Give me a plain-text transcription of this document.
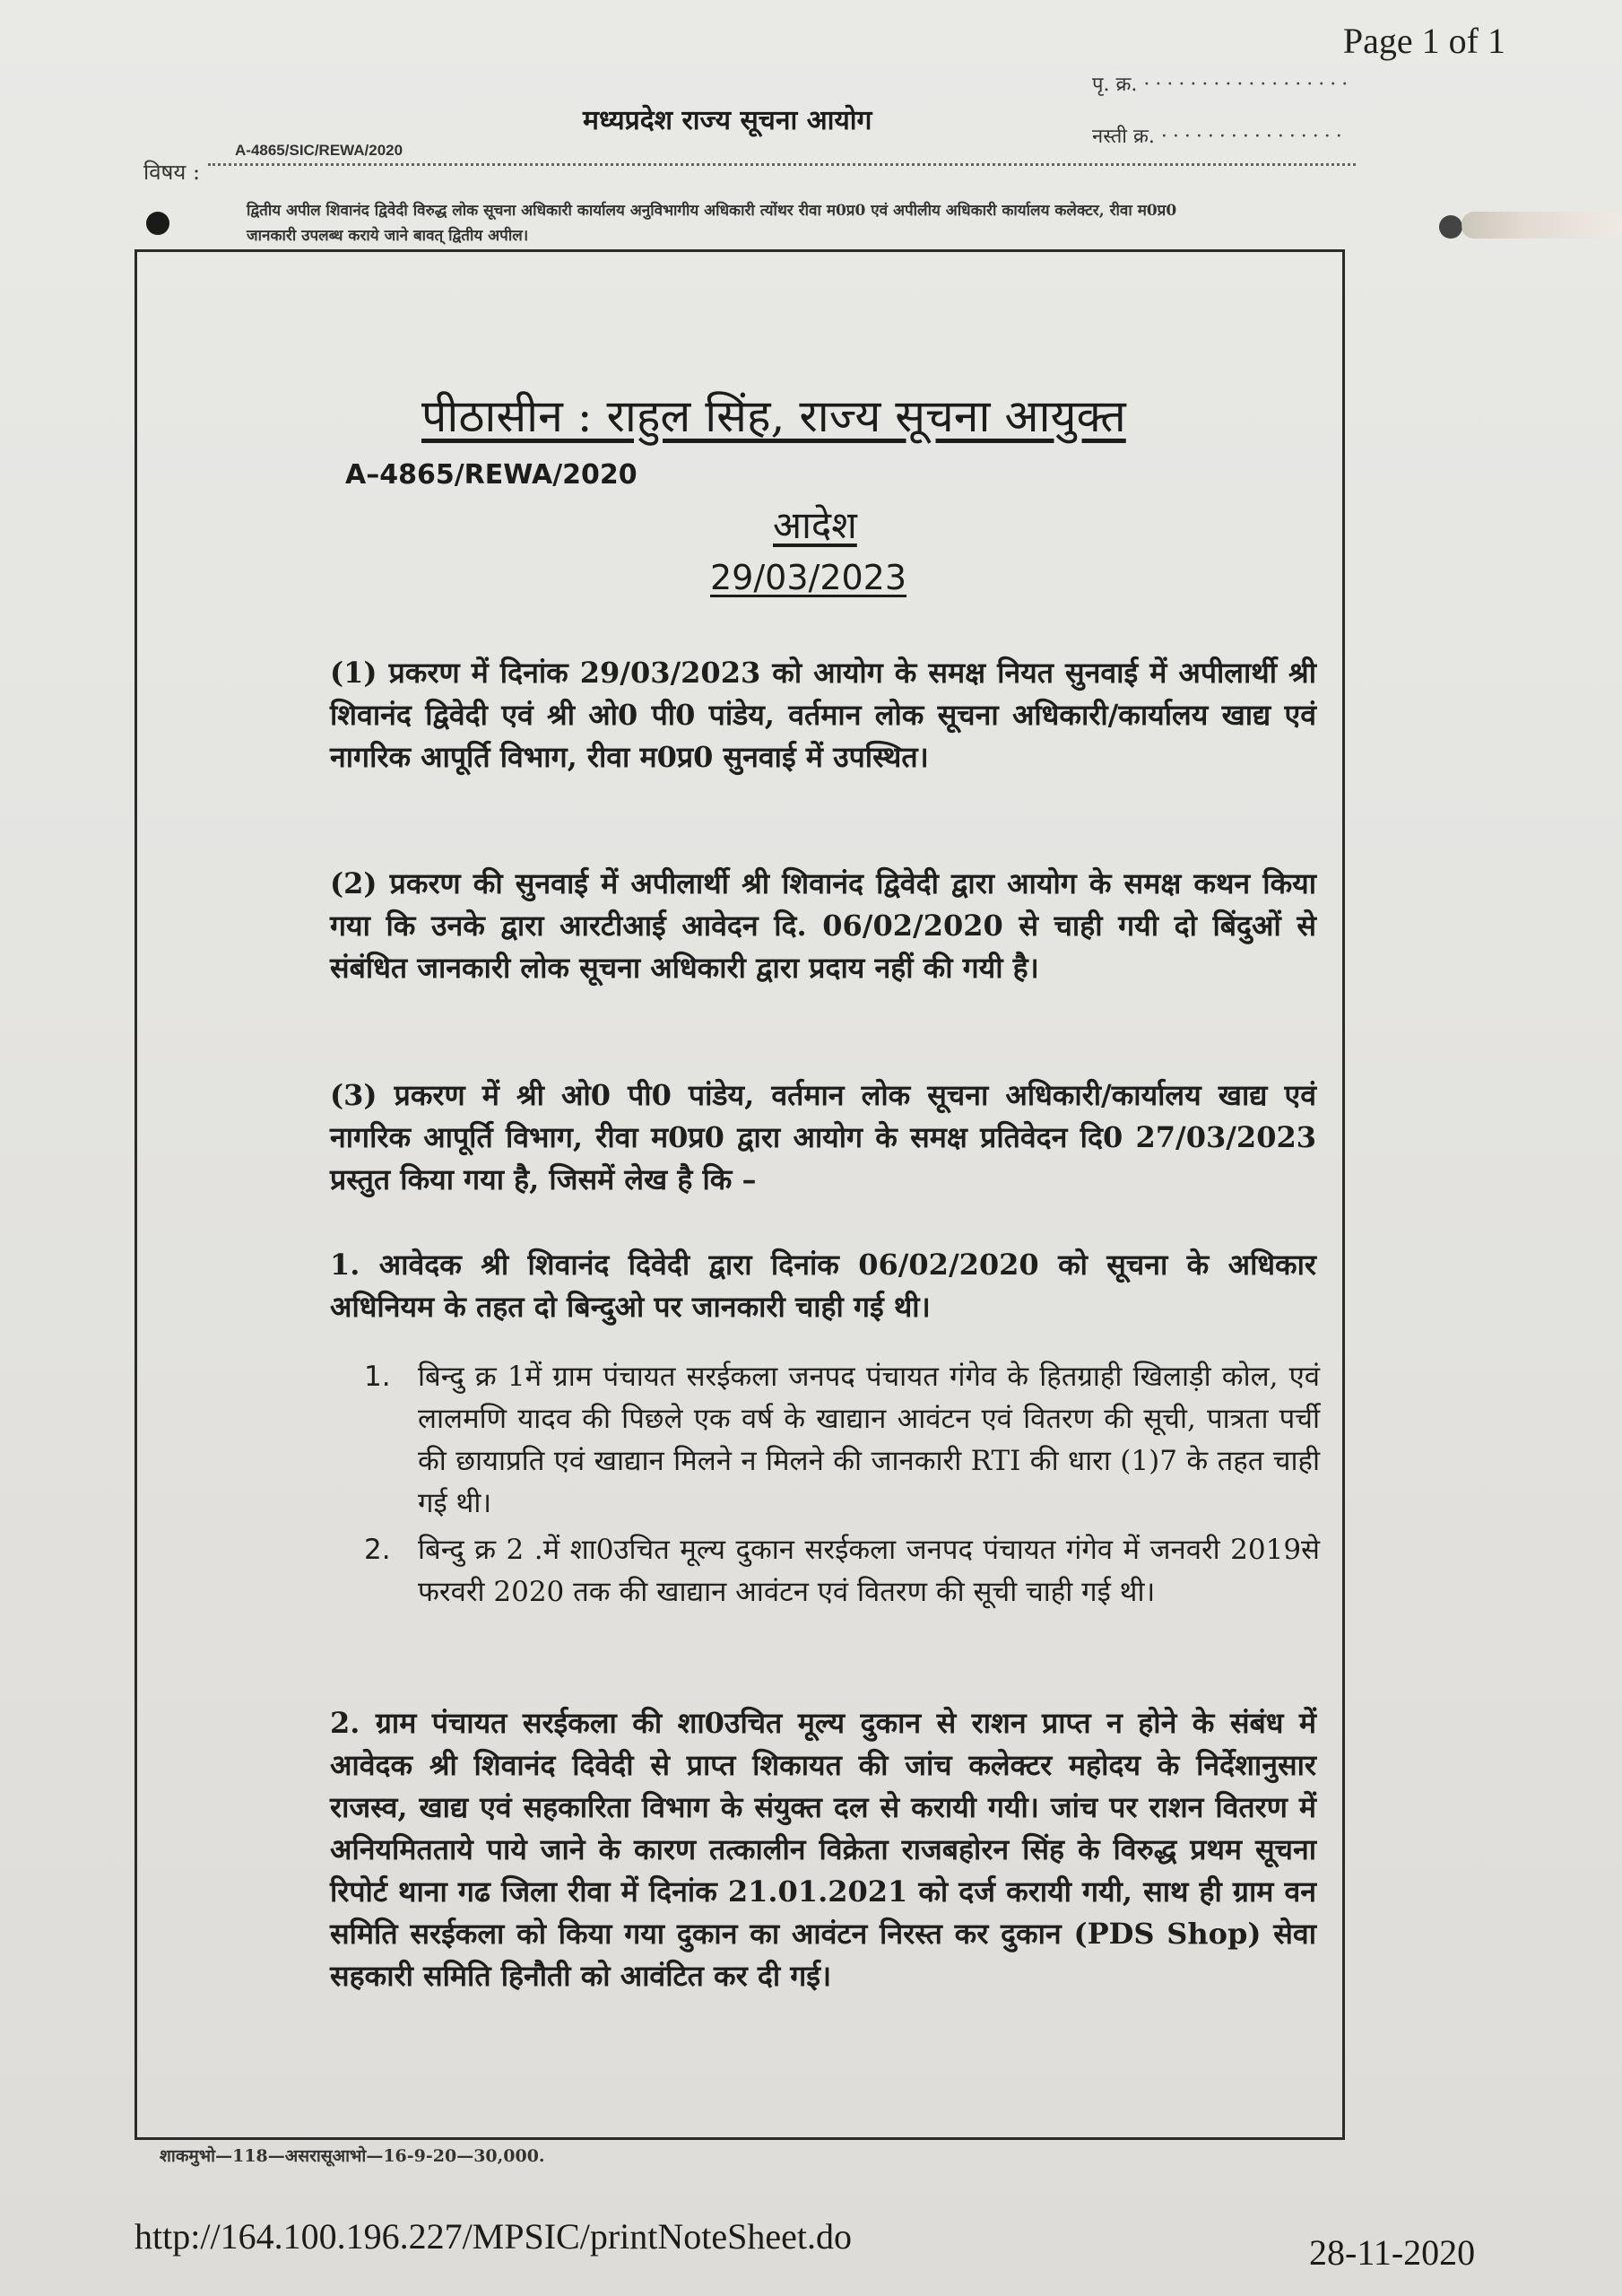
Page 1 of 1
मध्यप्रदेश राज्य सूचना आयोग
पृ. क्र. ··················
नस्ती क्र. ················
A-4865/SIC/REWA/2020
विषय :
द्वितीय अपील शिवानंद द्विवेदी विरुद्ध लोक सूचना अधिकारी कार्यालय अनुविभागीय अधिकारी त्योंथर रीवा म0प्र0 एवं अपीलीय अधिकारी कार्यालय कलेक्टर, रीवा म0प्र0
जानकारी उपलब्ध कराये जाने बावत् द्वितीय अपील।
पीठासीन : राहुल सिंह, राज्य सूचना आयुक्त
A–4865/REWA/2020
आदेश
29/03/2023
(1) प्रकरण में दिनांक 29/03/2023 को आयोग के समक्ष नियत सुनवाई में अपीलार्थी श्री शिवानंद द्विवेदी एवं श्री ओ0 पी0 पांडेय, वर्तमान लोक सूचना अधिकारी/कार्यालय खाद्य एवं नागरिक आपूर्ति विभाग, रीवा म0प्र0 सुनवाई में उपस्थित।
(2) प्रकरण की सुनवाई में अपीलार्थी श्री शिवानंद द्विवेदी द्वारा आयोग के समक्ष कथन किया गया कि उनके द्वारा आरटीआई आवेदन दि. 06/02/2020 से चाही गयी दो बिंदुओं से संबंधित जानकारी लोक सूचना अधिकारी द्वारा प्रदाय नहीं की गयी है।
(3) प्रकरण में श्री ओ0 पी0 पांडेय, वर्तमान लोक सूचना अधिकारी/कार्यालय खाद्य एवं नागरिक आपूर्ति विभाग, रीवा म0प्र0 द्वारा आयोग के समक्ष प्रतिवेदन दि0 27/03/2023 प्रस्तुत किया गया है, जिसमें लेख है कि –
1. आवेदक श्री शिवानंद दिवेदी द्वारा दिनांक 06/02/2020 को सूचना के अधिकार अधिनियम के तहत दो बिन्दुओ पर जानकारी चाही गई थी।
1. बिन्दु क्र 1में ग्राम पंचायत सरईकला जनपद पंचायत गंगेव के हितग्राही खिलाड़ी कोल, एवं लालमणि यादव की पिछले एक वर्ष के खाद्यान आवंटन एवं वितरण की सूची, पात्रता पर्ची की छायाप्रति एवं खाद्यान मिलने न मिलने की जानकारी RTI की धारा (1)7 के तहत चाही गई थी।
2. बिन्दु क्र 2 .में शा0उचित मूल्य दुकान सरईकला जनपद पंचायत गंगेव में जनवरी 2019से फरवरी 2020 तक की खाद्यान आवंटन एवं वितरण की सूची चाही गई थी।
2. ग्राम पंचायत सरईकला की शा0उचित मूल्य दुकान से राशन प्राप्त न होने के संबंध में आवेदक श्री शिवानंद दिवेदी से प्राप्त शिकायत की जांच कलेक्टर महोदय के निर्देशानुसार राजस्व, खाद्य एवं सहकारिता विभाग के संयुक्त दल से करायी गयी। जांच पर राशन वितरण में अनियमितताये पाये जाने के कारण तत्कालीन विक्रेता राजबहोरन सिंह के विरुद्ध प्रथम सूचना रिपोर्ट थाना गढ जिला रीवा में दिनांक 21.01.2021 को दर्ज करायी गयी, साथ ही ग्राम वन समिति सरईकला को किया गया दुकान का आवंटन निरस्त कर दुकान (PDS Shop) सेवा सहकारी समिति हिनौती को आवंटित कर दी गई।
शाकमुभो—118—असरासूआभो—16-9-20—30,000.
http://164.100.196.227/MPSIC/printNoteSheet.do	28-11-2020
